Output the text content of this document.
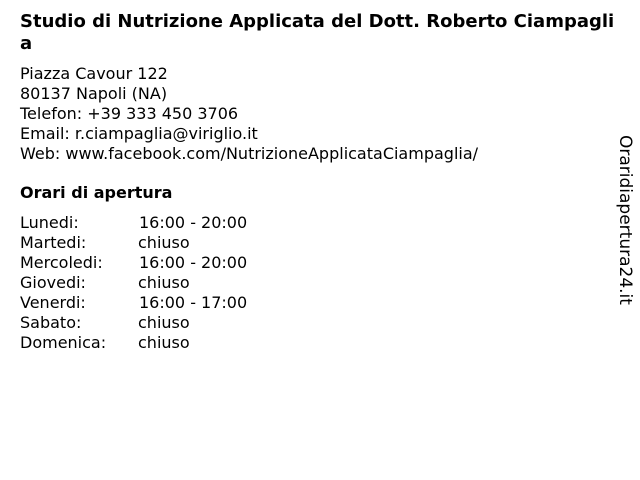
Studio di Nutrizione Applicata del Dott. Roberto Ciampaglia
Piazza Cavour 122
80137 Napoli (NA)
Telefon: +39 333 450 3706
Email: r.ciampaglia@viriglio.it
Web: www.facebook.com/NutrizioneApplicataCiampaglia/
Orari di apertura
Lunedi:	16:00 - 20:00
Martedi:	chiuso
Mercoledi: 16:00 - 20:00
Giovedi:	chiuso
Venerdi:	16:00 - 17:00
Sabato:	chiuso
Domenica: chiuso
Oraridiapertura24.it
